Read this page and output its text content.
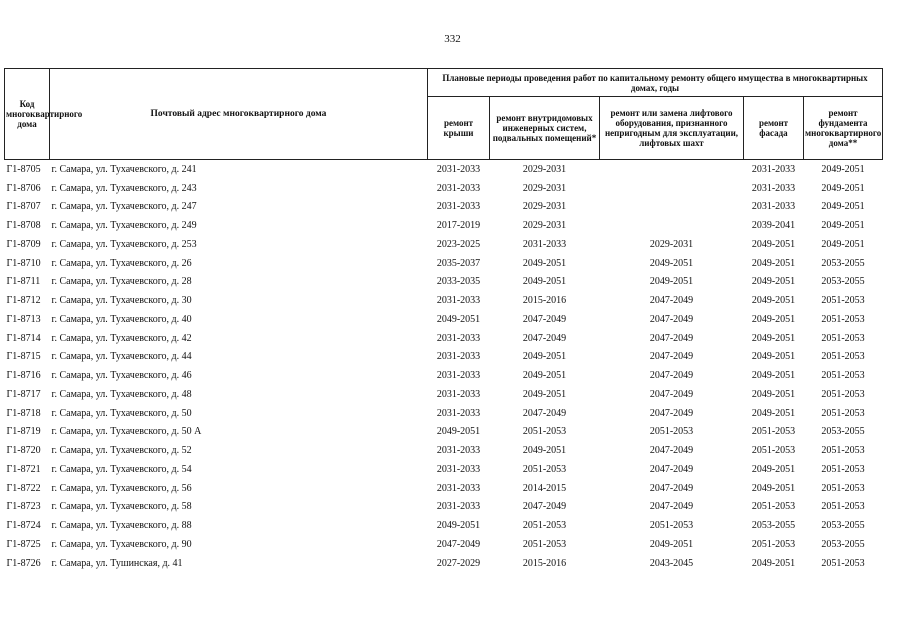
332
Код многоквартирного дома	Почтовый адрес многоквартирного дома	Плановые периоды проведения работ по капитальному ремонту общего имущества в многоквартирных домах, годы				
		ремонт крыши	ремонт внутридомовых инженерных систем, подвальных помещений*	ремонт или замена лифтового оборудования, признанного непригодным для эксплуатации, лифтовых шахт	ремонт фасада	ремонт фундамента многоквартирного дома**
Г1-8705	г. Самара, ул. Тухачевского, д. 241	2031-2033	2029-2031		2031-2033	2049-2051
Г1-8706	г. Самара, ул. Тухачевского, д. 243	2031-2033	2029-2031		2031-2033	2049-2051
Г1-8707	г. Самара, ул. Тухачевского, д. 247	2031-2033	2029-2031		2031-2033	2049-2051
Г1-8708	г. Самара, ул. Тухачевского, д. 249	2017-2019	2029-2031		2039-2041	2049-2051
Г1-8709	г. Самара, ул. Тухачевского, д. 253	2023-2025	2031-2033	2029-2031	2049-2051	2049-2051
Г1-8710	г. Самара, ул. Тухачевского, д. 26	2035-2037	2049-2051	2049-2051	2049-2051	2053-2055
Г1-8711	г. Самара, ул. Тухачевского, д. 28	2033-2035	2049-2051	2049-2051	2049-2051	2053-2055
Г1-8712	г. Самара, ул. Тухачевского, д. 30	2031-2033	2015-2016	2047-2049	2049-2051	2051-2053
Г1-8713	г. Самара, ул. Тухачевского, д. 40	2049-2051	2047-2049	2047-2049	2049-2051	2051-2053
Г1-8714	г. Самара, ул. Тухачевского, д. 42	2031-2033	2047-2049	2047-2049	2049-2051	2051-2053
Г1-8715	г. Самара, ул. Тухачевского, д. 44	2031-2033	2049-2051	2047-2049	2049-2051	2051-2053
Г1-8716	г. Самара, ул. Тухачевского, д. 46	2031-2033	2049-2051	2047-2049	2049-2051	2051-2053
Г1-8717	г. Самара, ул. Тухачевского, д. 48	2031-2033	2049-2051	2047-2049	2049-2051	2051-2053
Г1-8718	г. Самара, ул. Тухачевского, д. 50	2031-2033	2047-2049	2047-2049	2049-2051	2051-2053
Г1-8719	г. Самара, ул. Тухачевского, д. 50 А	2049-2051	2051-2053	2051-2053	2051-2053	2053-2055
Г1-8720	г. Самара, ул. Тухачевского, д. 52	2031-2033	2049-2051	2047-2049	2051-2053	2051-2053
Г1-8721	г. Самара, ул. Тухачевского, д. 54	2031-2033	2051-2053	2047-2049	2049-2051	2051-2053
Г1-8722	г. Самара, ул. Тухачевского, д. 56	2031-2033	2014-2015	2047-2049	2049-2051	2051-2053
Г1-8723	г. Самара, ул. Тухачевского, д. 58	2031-2033	2047-2049	2047-2049	2051-2053	2051-2053
Г1-8724	г. Самара, ул. Тухачевского, д. 88	2049-2051	2051-2053	2051-2053	2053-2055	2053-2055
Г1-8725	г. Самара, ул. Тухачевского, д. 90	2047-2049	2051-2053	2049-2051	2051-2053	2053-2055
Г1-8726	г. Самара, ул. Тушинская, д. 41	2027-2029	2015-2016	2043-2045	2049-2051	2051-2053
